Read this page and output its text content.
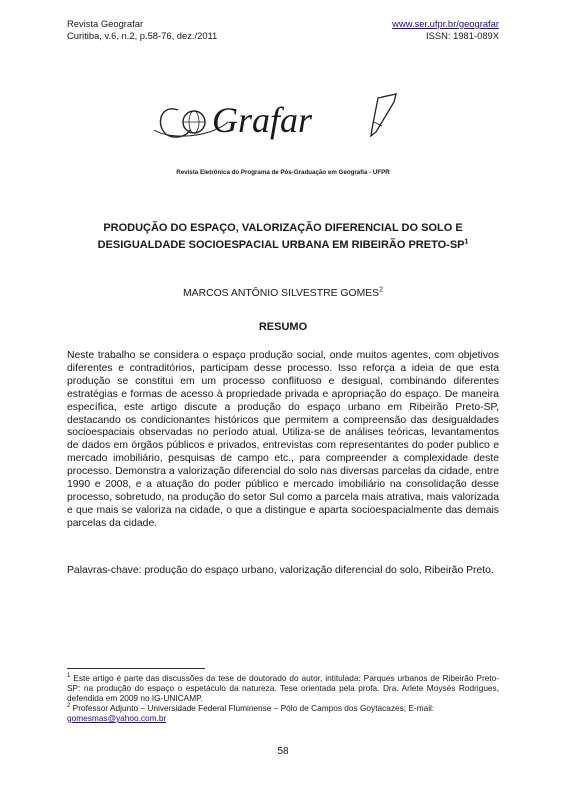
Revista Geografar
Curitiba, v.6, n.2, p.58-76, dez./2011
www.ser.ufpr.br/geografar
ISSN: 1981-089X
Grafar
Revista Eletrônica do Programa de Pós-Graduação em Geografia - UFPR
PRODUÇÃO DO ESPAÇO, VALORIZAÇÃO DIFERENCIAL DO SOLO E DESIGUALDADE SOCIOESPACIAL URBANA EM RIBEIRÃO PRETO-$SP^1$
MARCOS ANTÔNIO SILVESTRE GOMES$^2$
RESUMO

Neste trabalho se considera o espaço produção social, onde muitos agentes, com objetivos diferentes e contraditórios, participam desse processo. Isso reforça a ideia de que esta produção se constitui em um processo conflituoso e desigual, combinando diferentes estratégias e formas de acesso à propriedade privada e apropriação do espaço. De maneira específica, este artigo discute a produção do espaço urbano em Ribeirão Preto-SP, destacando os condicionantes históricos que permitem a compreensão das desigualdades socioespaciais observadas no período atual. Utiliza-se de análises teóricas, levantamentos de dados em órgãos públicos e privados, entrevistas com representantes do poder publico e mercado imobiliário, pesquisas de campo etc., para compreender a complexidade deste processo. Demonstra a valorização diferencial do solo nas diversas parcelas da cidade, entre 1990 e 2008, e a atuação do poder público e mercado imobiliário na consolidação desse processo, sobretudo, na produção do setor Sul como a parcela mais atrativa, mais valorizada e que mais se valoriza na cidade, o que a distingue e aparta socioespacialmente das demais parcelas da cidade.

Palavras-chave: produção do espaço urbano, valorização diferencial do solo, Ribeirão Preto.

$^1$ Este artigo é parte das discussões da tese de doutorado do autor, intitulada: Parques urbanos de Ribeirão Preto-SP: na produção do espaço o espetáculo da natureza. Tese orientada pela profa. Dra. Arlete Moysés Rodrigues, defendida em 2009 no IG-UNICAMP.

$^2$ Professor Adjunto – Universidade Federal Fluminense – Pólo de Campos dos Goytacazes; E-mail:
gomesmas@yahoo.com.br

58
